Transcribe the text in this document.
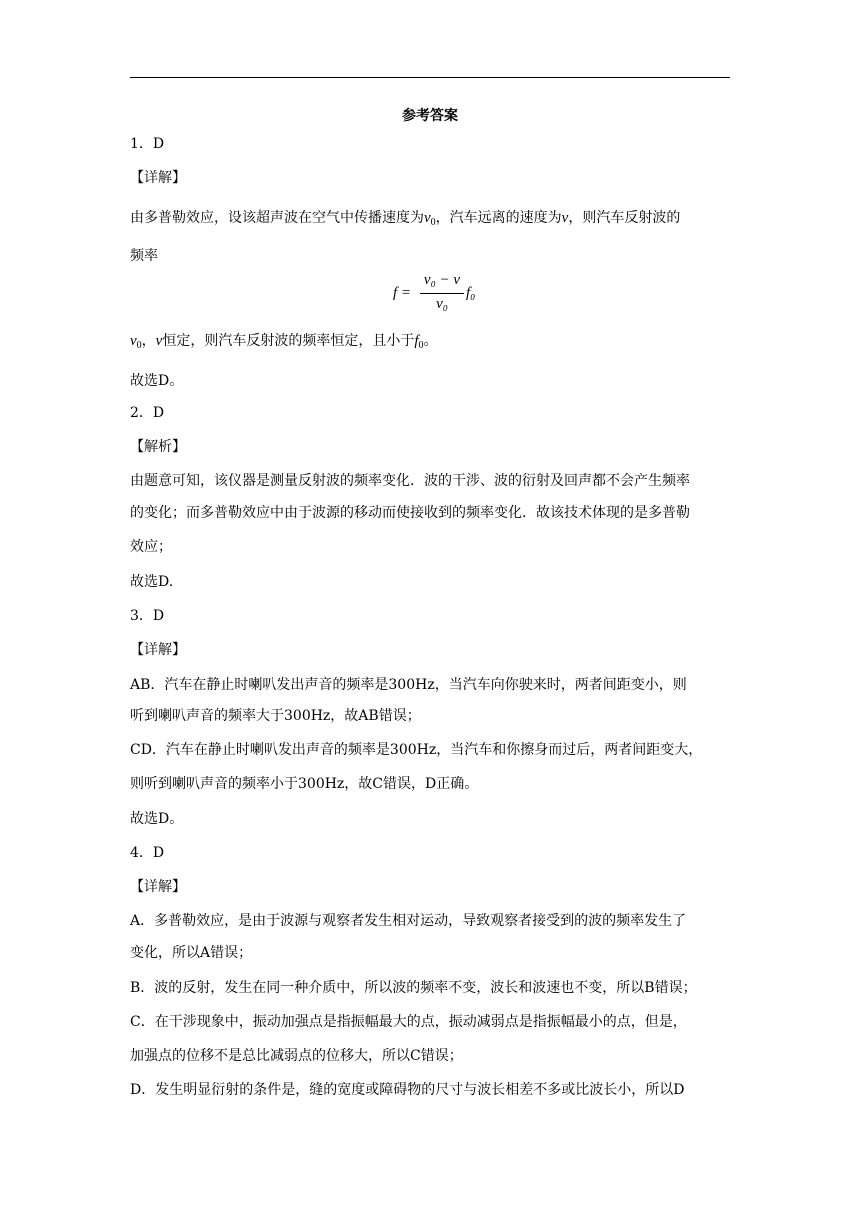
参考答案
1．D
【详解】
由多普勒效应，设该超声波在空气中传播速度为$v_0$，汽车远离的速度为v，则汽车反射波的
频率
f =
v₀ − v
v₀
f₀
$v_0$，v恒定，则汽车反射波的频率恒定，且小于$f_0$。
故选D。
2．D
【解析】
由题意可知，该仪器是测量反射波的频率变化．波的干涉、波的衍射及回声都不会产生频率
的变化；而多普勒效应中由于波源的移动而使接收到的频率变化．故该技术体现的是多普勒
效应；
故选D.
3．D
【详解】
AB．汽车在静止时喇叭发出声音的频率是300Hz，当汽车向你驶来时，两者间距变小，则
听到喇叭声音的频率大于300Hz，故AB错误；
CD．汽车在静止时喇叭发出声音的频率是300Hz，当汽车和你擦身而过后，两者间距变大，
则听到喇叭声音的频率小于300Hz，故C错误，D正确。
故选D。
4．D
【详解】
A．多普勒效应，是由于波源与观察者发生相对运动，导致观察者接受到的波的频率发生了
变化，所以A错误；
B．波的反射，发生在同一种介质中，所以波的频率不变，波长和波速也不变，所以B错误；
C．在干涉现象中，振动加强点是指振幅最大的点，振动减弱点是指振幅最小的点，但是，
加强点的位移不是总比减弱点的位移大，所以C错误；
D．发生明显衍射的条件是，缝的宽度或障碍物的尺寸与波长相差不多或比波长小，所以D
